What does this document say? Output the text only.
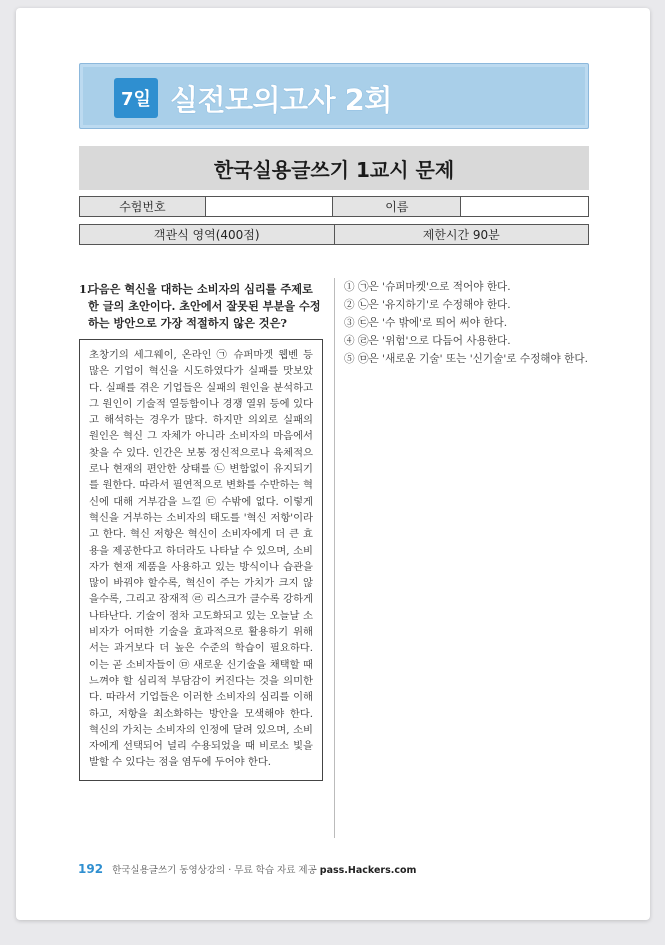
7일 실전모의고사 2회
한국실용글쓰기 1교시 문제
수험번호		이름	
객관식 영역(400점)	제한시간 90분
1.
다음은 혁신을 대하는 소비자의 심리를 주제로 한 글의 초안이다. 초안에서 잘못된 부분을 수정하는 방안으로 가장 적절하지 않은 것은?
초창기의 세그웨이, 온라인 ㉠ 슈퍼마겟 웹벤 등 많은 기업이 혁신을 시도하였다가 실패를 맛보았다. 실패를 겪은 기업들은 실패의 원인을 분석하고 그 원인이 기술적 열등함이나 경쟁 열위 등에 있다고 해석하는 경우가 많다. 하지만 의외로 실패의 원인은 혁신 그 자체가 아니라 소비자의 마음에서 찾을 수 있다. 인간은 보통 정신적으로나 육체적으로나 현재의 편안한 상태를 ㉡ 변함없이 유지되기를 원한다. 따라서 필연적으로 변화를 수반하는 혁신에 대해 거부감을 느낄 ㉢ 수밖에 없다. 이렇게 혁신을 거부하는 소비자의 태도를 '혁신 저항'이라고 한다. 혁신 저항은 혁신이 소비자에게 더 큰 효용을 제공한다고 하더라도 나타날 수 있으며, 소비자가 현재 제품을 사용하고 있는 방식이나 습관을 많이 바꿔야 할수록, 혁신이 주는 가치가 크지 않을수록, 그리고 잠재적 ㉣ 리스크가 클수록 강하게 나타난다. 기술이 점차 고도화되고 있는 오늘날 소비자가 어떠한 기술을 효과적으로 활용하기 위해서는 과거보다 더 높은 수준의 학습이 필요하다. 이는 곧 소비자들이 ㉤ 새로운 신기술을 채택할 때 느껴야 할 심리적 부담감이 커진다는 것을 의미한다. 따라서 기업들은 이러한 소비자의 심리를 이해하고, 저항을 최소화하는 방안을 모색해야 한다. 혁신의 가치는 소비자의 인정에 달려 있으며, 소비자에게 선택되어 널리 수용되었을 때 비로소 빛을 발할 수 있다는 점을 염두에 두어야 한다.
① ㉠은 '슈퍼마켓'으로 적어야 한다.
② ㉡은 '유지하기'로 수정해야 한다.
③ ㉢은 '수 밖에'로 띄어 써야 한다.
④ ㉣은 '위험'으로 다듬어 사용한다.
⑤ ㉤은 '새로운 기술' 또는 '신기술'로 수정해야 한다.
192 한국실용글쓰기 동영상강의 · 무료 학습 자료 제공 pass.Hackers.com
